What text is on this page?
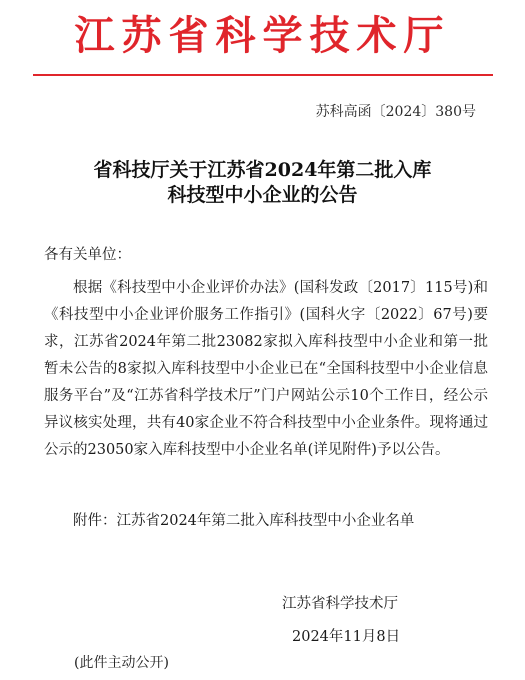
江苏省科学技术厅
苏科高函〔2024〕380号
省科技厅关于江苏省2024年第二批入库
科技型中小企业的公告
各有关单位：

根据《科技型中小企业评价办法》(国科发政〔2017〕115号)和《科技型中小企业评价服务工作指引》(国科火字〔2022〕67号)要求，江苏省2024年第二批23082家拟入库科技型中小企业和第一批暂未公告的8家拟入库科技型中小企业已在“全国科技型中小企业信息服务平台”及“江苏省科学技术厅”门户网站公示10个工作日，经公示异议核实处理，共有40家企业不符合科技型中小企业条件。现将通过公示的23050家入库科技型中小企业名单(详见附件)予以公告。

附件：江苏省2024年第二批入库科技型中小企业名单
江苏省科学技术厅
2024年11月8日
(此件主动公开)
